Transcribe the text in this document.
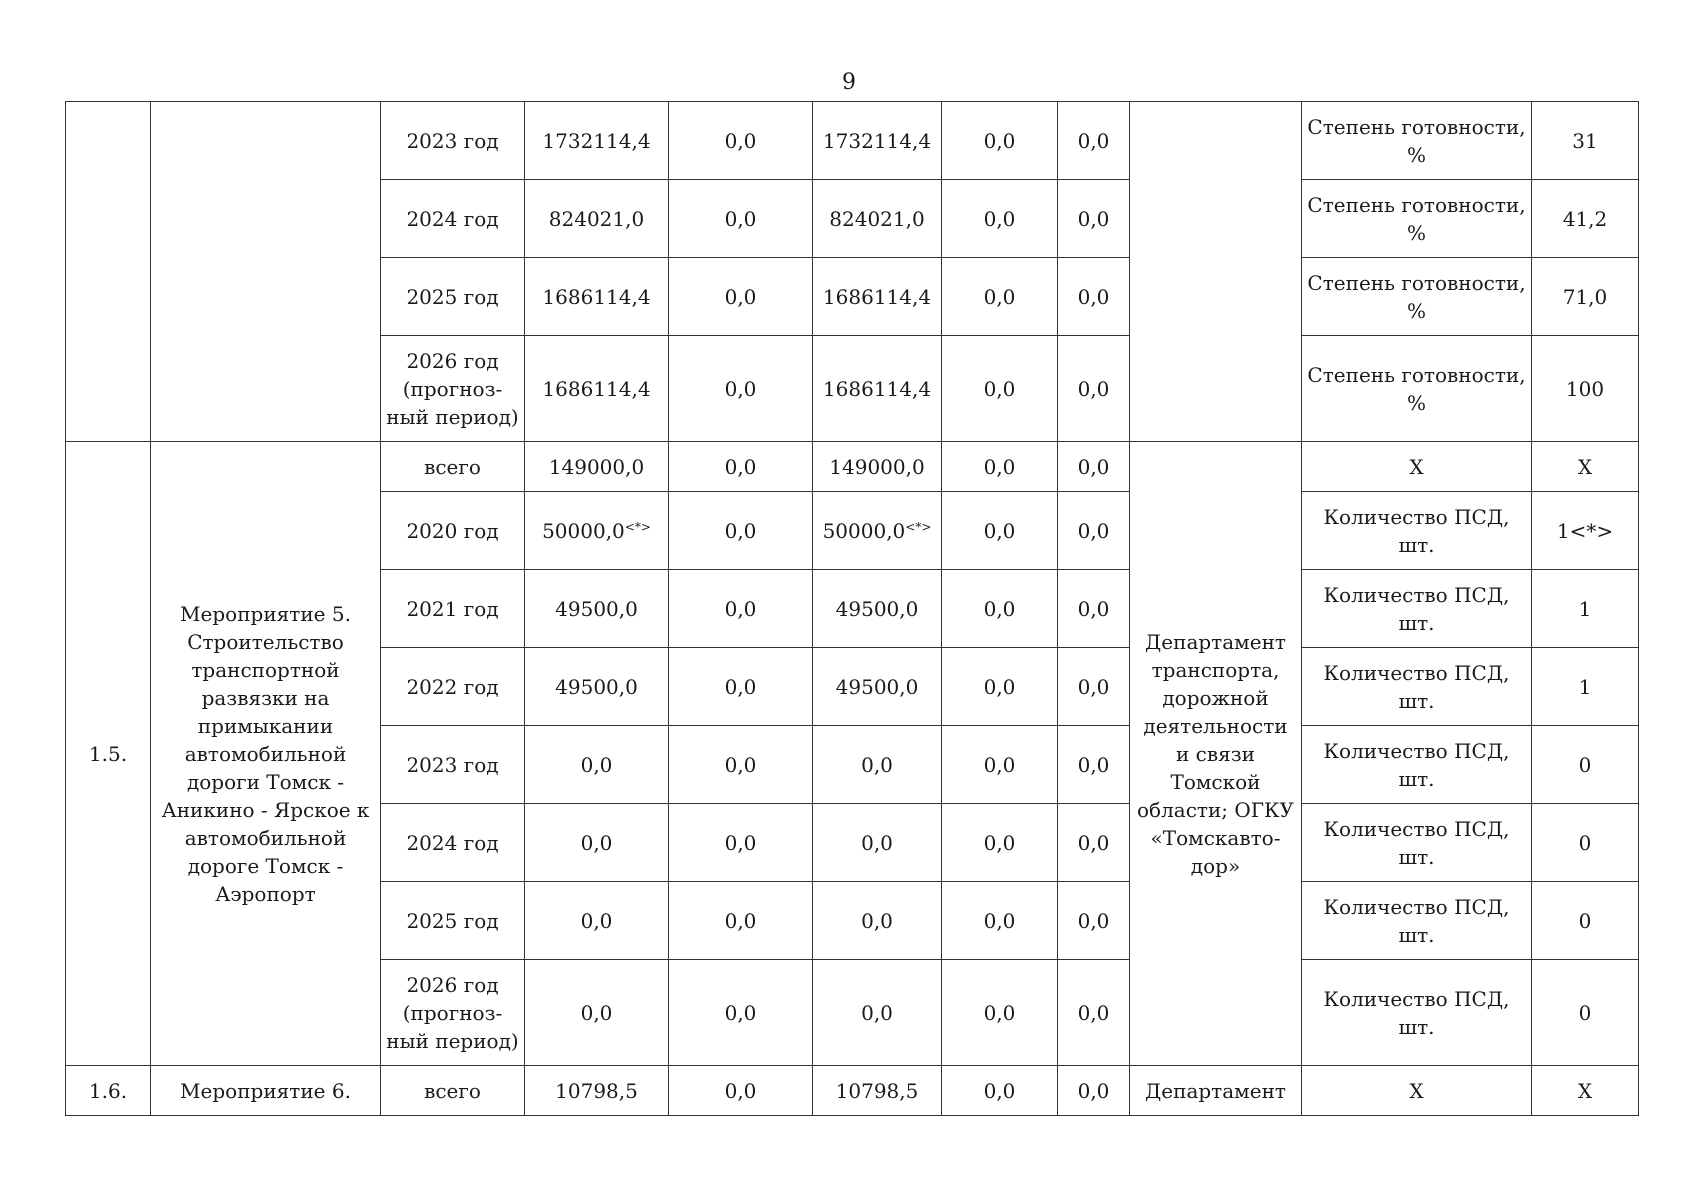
9
		2023 год	1732114,4	0,0	1732114,4	0,0	0,0		Степень готовности, %	31
		2024 год	824021,0	0,0	824021,0	0,0	0,0		Степень готовности, %	41,2
		2025 год	1686114,4	0,0	1686114,4	0,0	0,0		Степень готовности, %	71,0
		2026 год (прогноз-ный период)	1686114,4	0,0	1686114,4	0,0	0,0		Степень готовности, %	100
1.5.	Мероприятие 5. Строительство транспортной развязки на примыкании автомобильной дороги Томск - Аникино - Ярское к автомобильной дороге Томск - Аэропорт	всего	149000,0	0,0	149000,0	0,0	0,0	Департамент транспорта, дорожной деятельности и связи Томской области; ОГКУ «Томскавто-дор»	X	X
		2020 год	50000,0<*>	0,0	50000,0<*>	0,0	0,0		Количество ПСД, шт.	1<*>
		2021 год	49500,0	0,0	49500,0	0,0	0,0		Количество ПСД, шт.	1
		2022 год	49500,0	0,0	49500,0	0,0	0,0		Количество ПСД, шт.	1
		2023 год	0,0	0,0	0,0	0,0	0,0		Количество ПСД, шт.	0
		2024 год	0,0	0,0	0,0	0,0	0,0		Количество ПСД, шт.	0
		2025 год	0,0	0,0	0,0	0,0	0,0		Количество ПСД, шт.	0
		2026 год (прогноз-ный период)	0,0	0,0	0,0	0,0	0,0		Количество ПСД, шт.	0
1.6.	Мероприятие 6.	всего	10798,5	0,0	10798,5	0,0	0,0	Департамент	X	X
